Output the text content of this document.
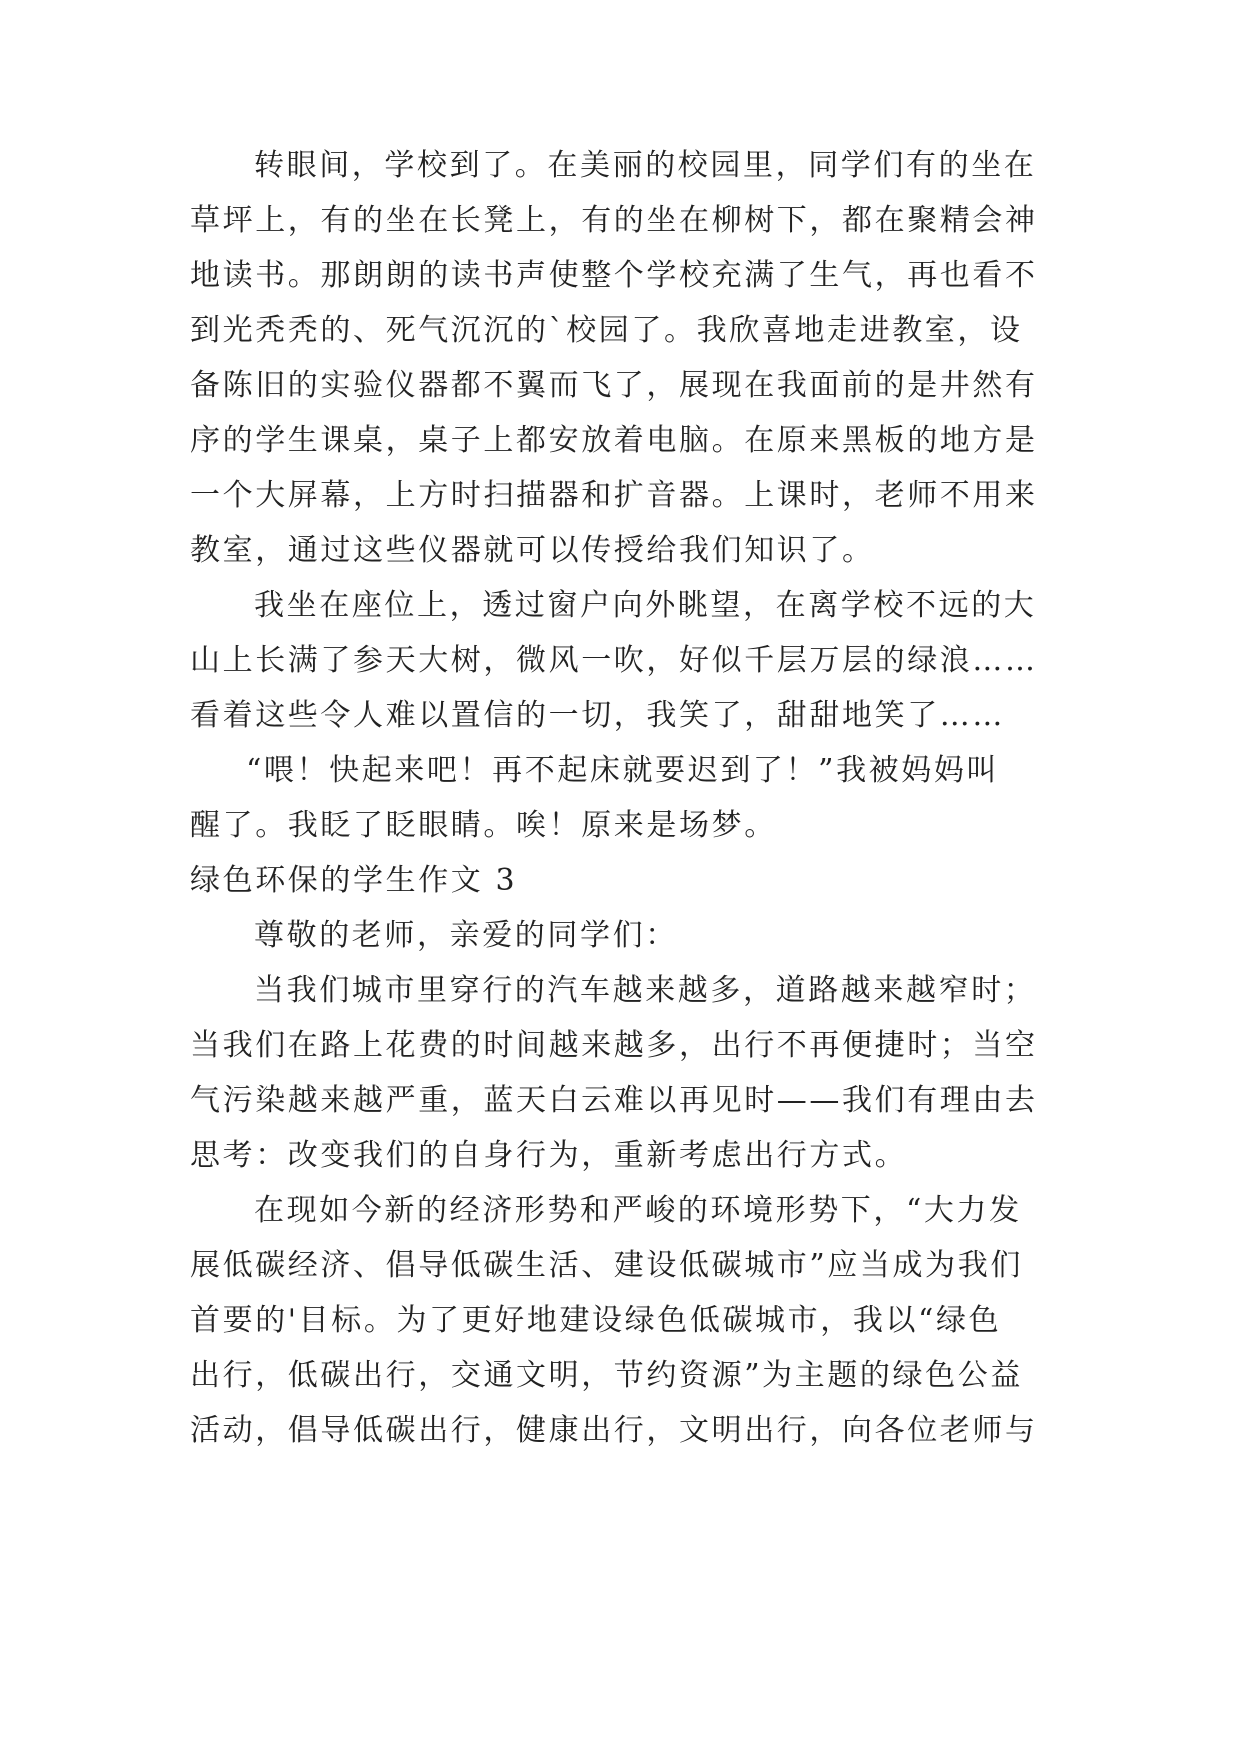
转眼间，学校到了。在美丽的校园里，同学们有的坐在
草坪上，有的坐在长凳上，有的坐在柳树下，都在聚精会神
地读书。那朗朗的读书声使整个学校充满了生气，再也看不
到光秃秃的、死气沉沉的`校园了。我欣喜地走进教室，设
备陈旧的实验仪器都不翼而飞了，展现在我面前的是井然有
序的学生课桌，桌子上都安放着电脑。在原来黑板的地方是
一个大屏幕，上方时扫描器和扩音器。上课时，老师不用来
教室，通过这些仪器就可以传授给我们知识了。
我坐在座位上，透过窗户向外眺望，在离学校不远的大
山上长满了参天大树，微风一吹，好似千层万层的绿浪……
看着这些令人难以置信的一切，我笑了，甜甜地笑了……
“喂！快起来吧！再不起床就要迟到了！”我被妈妈叫
醒了。我眨了眨眼睛。唉！原来是场梦。
绿色环保的学生作文 3
尊敬的老师，亲爱的同学们：
当我们城市里穿行的汽车越来越多，道路越来越窄时；
当我们在路上花费的时间越来越多，出行不再便捷时；当空
气污染越来越严重，蓝天白云难以再见时——我们有理由去
思考：改变我们的自身行为，重新考虑出行方式。
在现如今新的经济形势和严峻的环境形势下，“大力发
展低碳经济、倡导低碳生活、建设低碳城市”应当成为我们
首要的'目标。为了更好地建设绿色低碳城市，我以“绿色
出行，低碳出行，交通文明，节约资源”为主题的绿色公益
活动，倡导低碳出行，健康出行，文明出行，向各位老师与
